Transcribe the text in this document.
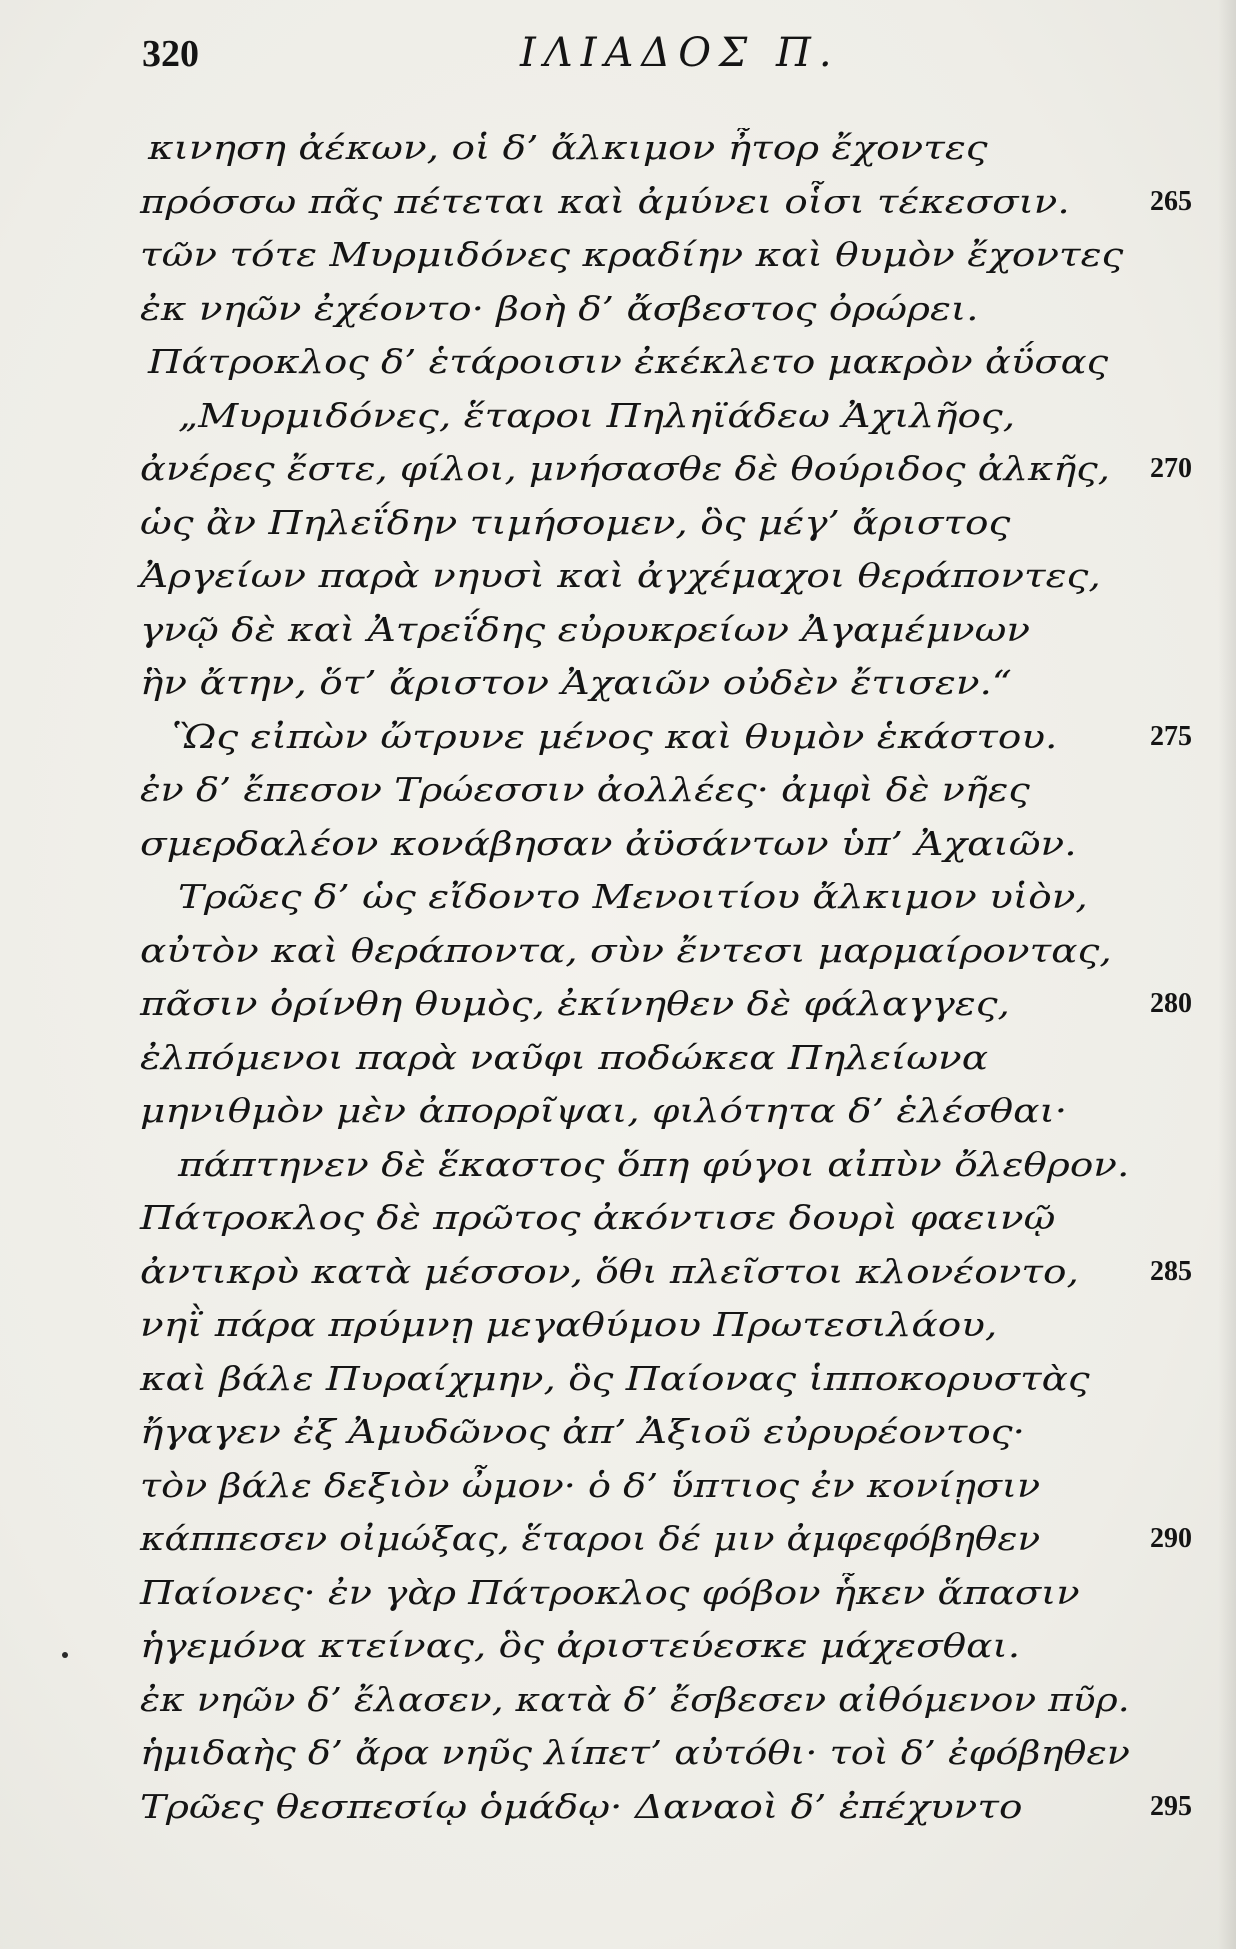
320	ΙΛΙΑΔΟΣ Π.
κινηση ἀέκων, οἱ δ’ ἄλκιμον ἦτορ ἔχοντες
πρόσσω πᾶς πέτεται καὶ ἀμύνει οἷσι τέκεσσιν.	265
τῶν τότε Μυρμιδόνες κραδίην καὶ θυμὸν ἔχοντες
ἐκ νηῶν ἐχέοντο· βοὴ δ’ ἄσβεστος ὀρώρει.
Πάτροκλος δ’ ἑτάροισιν ἐκέκλετο μακρὸν ἀΰσας
„Μυρμιδόνες, ἕταροι Πηληϊάδεω Ἀχιλῆος,
ἀνέρες ἔστε, φίλοι, μνήσασθε δὲ θούριδος ἀλκῆς, 270
ὡς ἂν Πηλεΐδην τιμήσομεν, ὃς μέγ’ ἄριστος
Ἀργείων παρὰ νηυσὶ καὶ ἀγχέμαχοι θεράποντες,
γνῷ δὲ καὶ Ἀτρεΐδης εὐρυκρείων Ἀγαμέμνων
ἣν ἄτην, ὅτ’ ἄριστον Ἀχαιῶν οὐδὲν ἔτισεν.“
Ὣς εἰπὼν ὤτρυνε μένος καὶ θυμὸν ἑκάστου.	275
ἐν δ’ ἔπεσον Τρώεσσιν ἀολλέες· ἀμφὶ δὲ νῆες
σμερδαλέον κονάβησαν ἀϋσάντων ὑπ’ Ἀχαιῶν.
Τρῶες δ’ ὡς εἴδοντο Μενοιτίου ἄλκιμον υἱὸν,
αὐτὸν καὶ θεράποντα, σὺν ἔντεσι μαρμαίροντας,
πᾶσιν ὀρίνθη θυμὸς, ἐκίνηθεν δὲ φάλαγγες,	280
ἐλπόμενοι παρὰ ναῦφι ποδώκεα Πηλείωνα
μηνιθμὸν μὲν ἀπορρῖψαι, φιλότητα δ’ ἑλέσθαι·
πάπτηνεν δὲ ἕκαστος ὅπη φύγοι αἰπὺν ὄλεθρον.
Πάτροκλος δὲ πρῶτος ἀκόντισε δουρὶ φαεινῷ
ἀντικρὺ κατὰ μέσσον, ὅθι πλεῖστοι κλονέοντο,	285
νηῒ πάρα πρύμνῃ μεγαθύμου Πρωτεσιλάου,
καὶ βάλε Πυραίχμην, ὃς Παίονας ἱπποκορυστὰς
ἤγαγεν ἐξ Ἀμυδῶνος ἀπ’ Ἀξιοῦ εὐρυρέοντος·
τὸν βάλε δεξιὸν ὦμον· ὁ δ’ ὕπτιος ἐν κονίῃσιν
κάππεσεν οἰμώξας, ἕταροι δέ μιν ἀμφεφόβηθεν	290
Παίονες· ἐν γὰρ Πάτροκλος φόβον ἧκεν ἅπασιν
ἡγεμόνα κτείνας, ὃς ἀριστεύεσκε μάχεσθαι.
ἐκ νηῶν δ’ ἔλασεν, κατὰ δ’ ἔσβεσεν αἰθόμενον πῦρ.
ἡμιδαὴς δ’ ἄρα νηῦς λίπετ’ αὐτόθι· τοὶ δ’ ἐφόβηθεν
Τρῶες θεσπεσίῳ ὁμάδῳ· Δαναοὶ δ’ ἐπέχυντο	295
